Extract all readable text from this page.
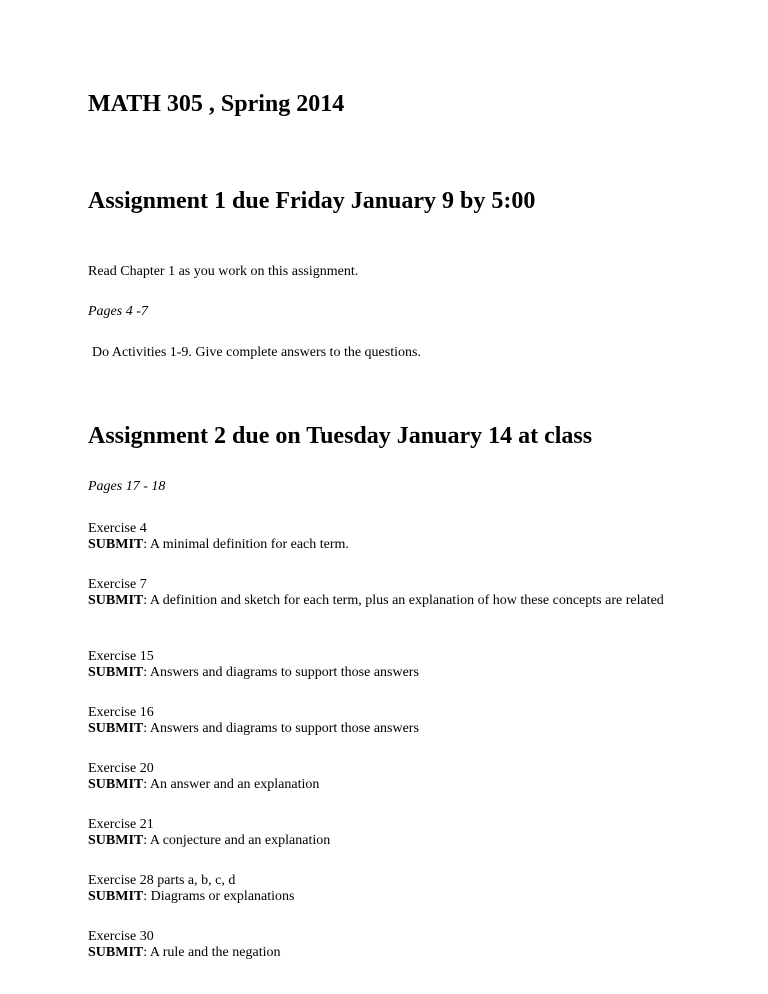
MATH 305 , Spring 2014
Assignment 1 due Friday January 9 by 5:00

Read Chapter 1 as you work on this assignment.

Pages 4 -7

Do Activities 1-9. Give complete answers to the questions.

Assignment 2 due on Tuesday January 14 at class

Pages 17 - 18

Exercise 4
SUBMIT: A minimal definition for each term.
Exercise 7
SUBMIT: A definition and sketch for each term, plus an explanation of how these concepts are related
Exercise 15
SUBMIT: Answers and diagrams to support those answers
Exercise 16
SUBMIT: Answers and diagrams to support those answers
Exercise 20
SUBMIT: An answer and an explanation
Exercise 21
SUBMIT: A conjecture and an explanation
Exercise 28 parts a, b, c, d
SUBMIT: Diagrams or explanations
Exercise 30
SUBMIT: A rule and the negation
